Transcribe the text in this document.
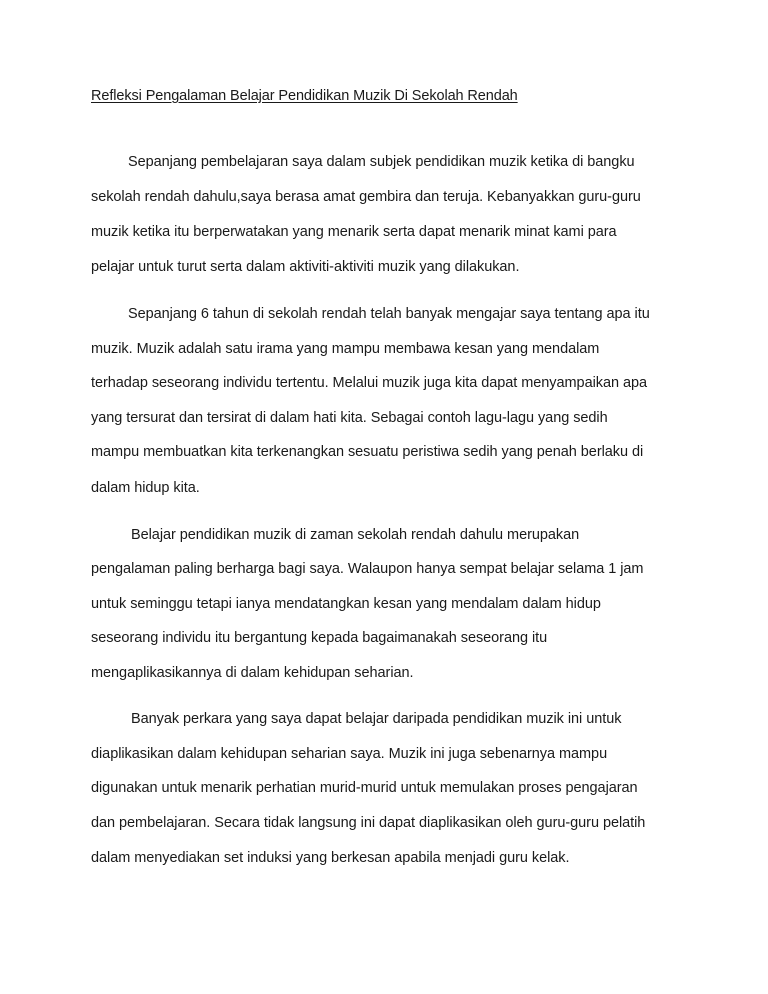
Refleksi Pengalaman Belajar Pendidikan Muzik Di Sekolah Rendah
Sepanjang pembelajaran saya dalam subjek pendidikan muzik ketika di bangku
sekolah rendah dahulu,saya berasa amat gembira dan teruja. Kebanyakkan guru-guru
muzik ketika itu berperwatakan yang menarik serta dapat menarik minat kami para
pelajar untuk turut serta dalam aktiviti-aktiviti muzik yang dilakukan.
Sepanjang 6 tahun di sekolah rendah telah banyak mengajar saya tentang apa itu
muzik. Muzik adalah satu irama yang mampu membawa kesan yang mendalam
terhadap seseorang individu tertentu. Melalui muzik juga kita dapat menyampaikan apa
yang tersurat dan tersirat di dalam hati kita. Sebagai contoh lagu-lagu yang sedih
mampu membuatkan kita terkenangkan sesuatu peristiwa sedih yang penah berlaku di
dalam hidup kita.
Belajar pendidikan muzik di zaman sekolah rendah dahulu merupakan
pengalaman paling berharga bagi saya. Walaupon hanya sempat belajar selama 1 jam
untuk seminggu tetapi ianya mendatangkan kesan yang mendalam dalam hidup
seseorang individu itu bergantung kepada bagaimanakah seseorang itu
mengaplikasikannya di dalam kehidupan seharian.
Banyak perkara yang saya dapat belajar daripada pendidikan muzik ini untuk
diaplikasikan dalam kehidupan seharian saya. Muzik ini juga sebenarnya mampu
digunakan untuk menarik perhatian murid-murid untuk memulakan proses pengajaran
dan pembelajaran. Secara tidak langsung ini dapat diaplikasikan oleh guru-guru pelatih
dalam menyediakan set induksi yang berkesan apabila menjadi guru kelak.
